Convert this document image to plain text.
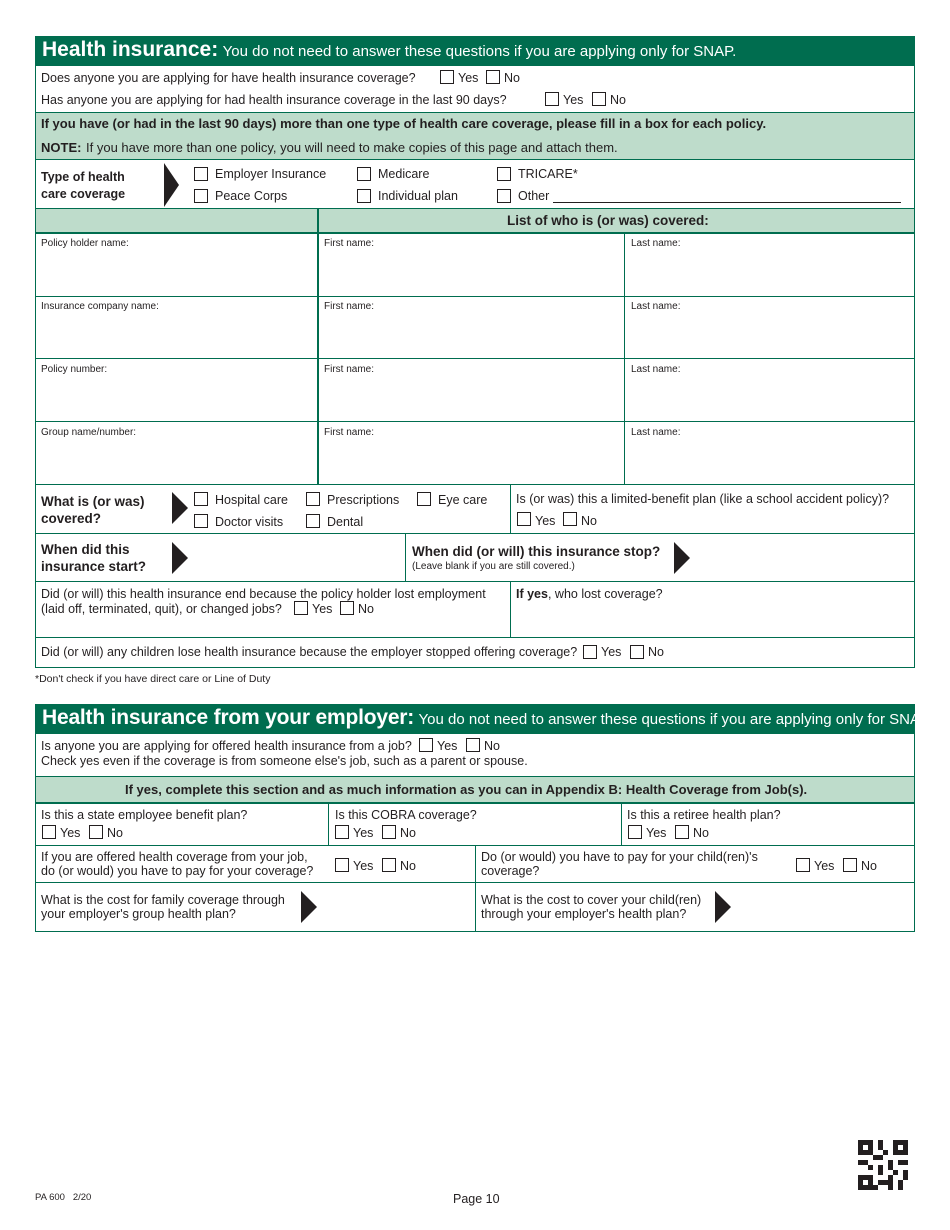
Health insurance: You do not need to answer these questions if you are applying only for SNAP.
Does anyone you are applying for have health insurance coverage?	Yes No
Has anyone you are applying for had health insurance coverage in the last 90 days?	Yes No
If you have (or had in the last 90 days) more than one type of health care coverage, please fill in a box for each policy.
NOTE: If you have more than one policy, you will need to make copies of this page and attach them.
Type of health
care coverage
Employer Insurance	Medicare	TRICARE*
Peace Corps	Individual plan	Other
List of who is (or was) covered:
Policy holder name:	First name:	Last name:
Insurance company name:	First name:	Last name:
Policy number:	First name:	Last name:
Group name/number:	First name:	Last name:
What is (or was)
covered?
Hospital care	Prescriptions	Eye care
Doctor visits	Dental
Is (or was) this a limited-benefit plan (like a school accident policy)?
Yes No
When did this
insurance start?
When did (or will) this insurance stop?
(Leave blank if you are still covered.)
Did (or will) this health insurance end because the policy holder lost employment
(laid off, terminated, quit), or changed jobs? Yes No
If yes, who lost coverage?
Did (or will) any children lose health insurance because the employer stopped offering coverage? Yes No
*Don't check if you have direct care or Line of Duty
Health insurance from your employer: You do not need to answer these questions if you are applying only for SNAP.
Is anyone you are applying for offered health insurance from a job? Yes No
Check yes even if the coverage is from someone else's job, such as a parent or spouse.
If yes, complete this section and as much information as you can in Appendix B: Health Coverage from Job(s).
Is this a state employee benefit plan?
Yes No
Is this COBRA coverage?
Yes No
Is this a retiree health plan?
Yes No
If you are offered health coverage from your job,
do (or would) you have to pay for your coverage?	Yes No
Do (or would) you have to pay for your child(ren)'s
coverage?	Yes No
What is the cost for family coverage through
your employer's group health plan?
What is the cost to cover your child(ren)
through your employer's health plan?
PA 600   2/20	Page 10
